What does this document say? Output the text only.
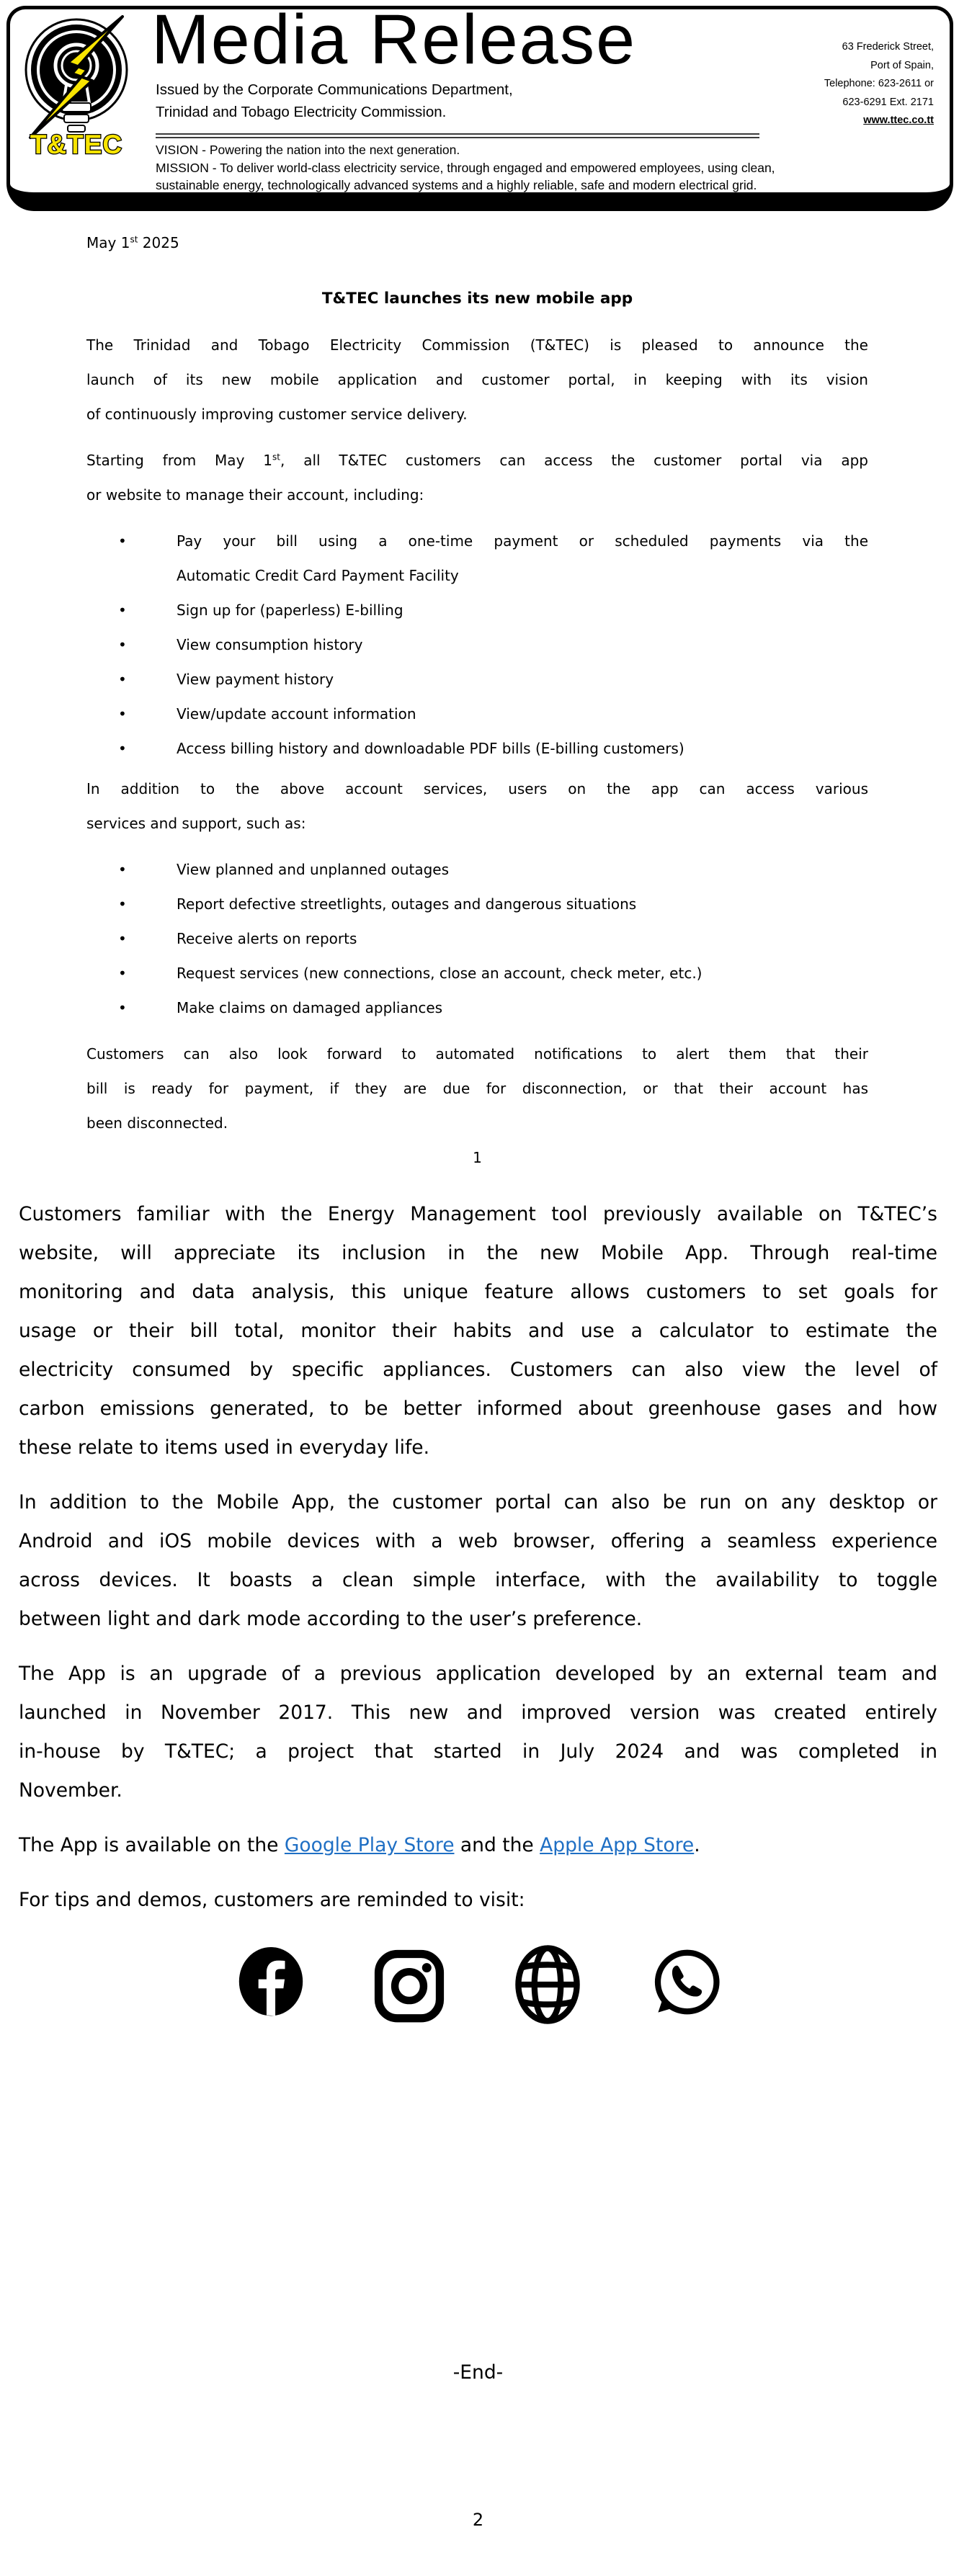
T&TEC
Media Release
Issued by the Corporate Communications Department,
Trinidad and Tobago Electricity Commission.
63 Frederick Street,
Port of Spain,
Telephone: 623-2611 or
623-6291 Ext. 2171
www.ttec.co.tt
VISION - Powering the nation into the next generation.
MISSION - To deliver world-class electricity service, through engaged and empowered employees, using clean,
sustainable energy, technologically advanced systems and a highly reliable, safe and modern electrical grid.

May 1st 2025

T&TEC launches its new mobile app

The Trinidad and Tobago Electricity Commission (T&TEC) is pleased to announce the
launch of its new mobile application and customer portal, in keeping with its vision
of continuously improving customer service delivery.

Starting from May 1st, all T&TEC customers can access the customer portal via app
or website to manage their account, including:

• Pay your bill using a one-time payment or scheduled payments via the
Automatic Credit Card Payment Facility
• Sign up for (paperless) E-billing
• View consumption history
• View payment history
• View/update account information
• Access billing history and downloadable PDF bills (E-billing customers)

In addition to the above account services, users on the app can access various
services and support, such as:

• View planned and unplanned outages
• Report defective streetlights, outages and dangerous situations
• Receive alerts on reports
• Request services (new connections, close an account, check meter, etc.)
• Make claims on damaged appliances

Customers can also look forward to automated notifications to alert them that their
bill is ready for payment, if they are due for disconnection, or that their account has
been disconnected.

1

Customers familiar with the Energy Management tool previously available on T&TEC’s
website, will appreciate its inclusion in the new Mobile App. Through real-time
monitoring and data analysis, this unique feature allows customers to set goals for
usage or their bill total, monitor their habits and use a calculator to estimate the
electricity consumed by specific appliances. Customers can also view the level of
carbon emissions generated, to be better informed about greenhouse gases and how
these relate to items used in everyday life.

In addition to the Mobile App, the customer portal can also be run on any desktop or
Android and iOS mobile devices with a web browser, offering a seamless experience
across devices. It boasts a clean simple interface, with the availability to toggle
between light and dark mode according to the user’s preference.

The App is an upgrade of a previous application developed by an external team and
launched in November 2017. This new and improved version was created entirely
in-house by T&TEC; a project that started in July 2024 and was completed in
November.

The App is available on the Google Play Store and the Apple App Store.

For tips and demos, customers are reminded to visit:

-End-
2
